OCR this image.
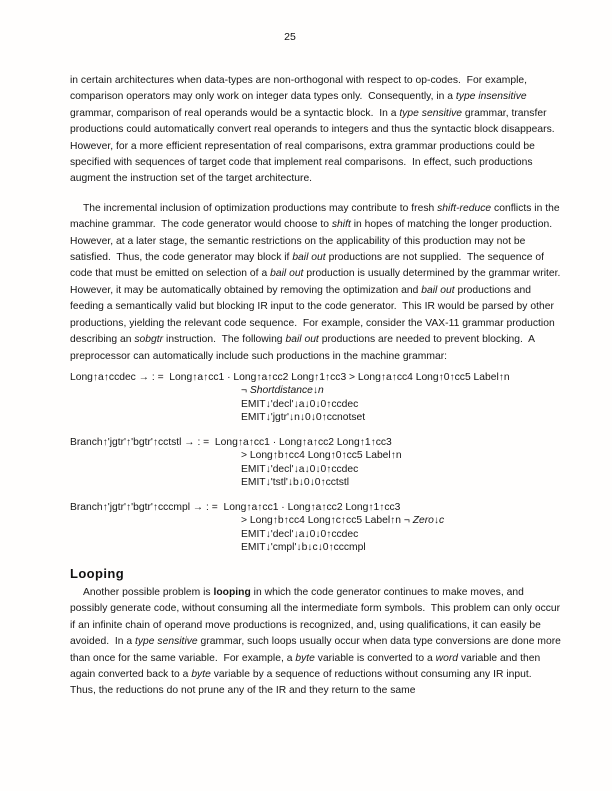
25

in certain architectures when data-types are non-orthogonal with respect to op-codes.  For example, comparison operators may only work on integer data types only.  Consequently, in a type insensitive grammar, comparison of real operands would be a syntactic block.  In a type sensitive grammar, transfer productions could automatically convert real operands to integers and thus the syntactic block disappears.  However, for a more efficient representation of real comparisons, extra grammar productions could be specified with sequences of target code that implement real comparisons.  In effect, such productions augment the instruction set of the target architecture.

The incremental inclusion of optimization productions may contribute to fresh shift-reduce conflicts in the machine grammar.  The code generator would choose to shift in hopes of matching the longer production.  However, at a later stage, the semantic restrictions on the applicability of this production may not be satisfied.  Thus, the code generator may block if bail out productions are not supplied.  The sequence of code that must be emitted on selection of a bail out production is usually determined by the grammar writer.  However, it may be automatically obtained by removing the optimization and bail out productions and feeding a semantically valid but blocking IR input to the code generator.  This IR would be parsed by other productions, yielding the relevant code sequence.  For example, consider the VAX-11 grammar production describing an sobgtr instruction.  The following bail out productions are needed to prevent blocking.  A preprocessor can automatically include such productions in the machine grammar:

Long↑a↑ccdec → : =  Long↑a↑cc1 · Long↑a↑cc2 Long↑1↑cc3 > Long↑a↑cc4 Long↑0↑cc5 Label↑n
¬ Shortdistance↓n
EMIT↓'decl'↓a↓0↓0↑ccdec
EMIT↓'jgtr'↓n↓0↓0↑ccnotset
Branch↑'jgtr'↑'bgtr'↑cctstl → : =  Long↑a↑cc1 · Long↑a↑cc2 Long↑1↑cc3
> Long↑b↑cc4 Long↑0↑cc5 Label↑n
EMIT↓'decl'↓a↓0↓0↑ccdec
EMIT↓'tstl'↓b↓0↓0↑cctstl
Branch↑'jgtr'↑'bgtr'↑cccmpl → : =  Long↑a↑cc1 · Long↑a↑cc2 Long↑1↑cc3
> Long↑b↑cc4 Long↑c↑cc5 Label↑n ¬ Zero↓c
EMIT↓'decl'↓a↓0↓0↑ccdec
EMIT↓'cmpl'↓b↓c↓0↑cccmpl
Looping

Another possible problem is looping in which the code generator continues to make moves, and possibly generate code, without consuming all the intermediate form symbols.  This problem can only occur if an infinite chain of operand move productions is recognized, and, using qualifications, it can easily be avoided.  In a type sensitive grammar, such loops usually occur when data type conversions are done more than once for the same variable.  For example, a byte variable is converted to a word variable and then again converted back to a byte variable by a sequence of reductions without consuming any IR input.  Thus, the reductions do not prune any of the IR and they return to the same
